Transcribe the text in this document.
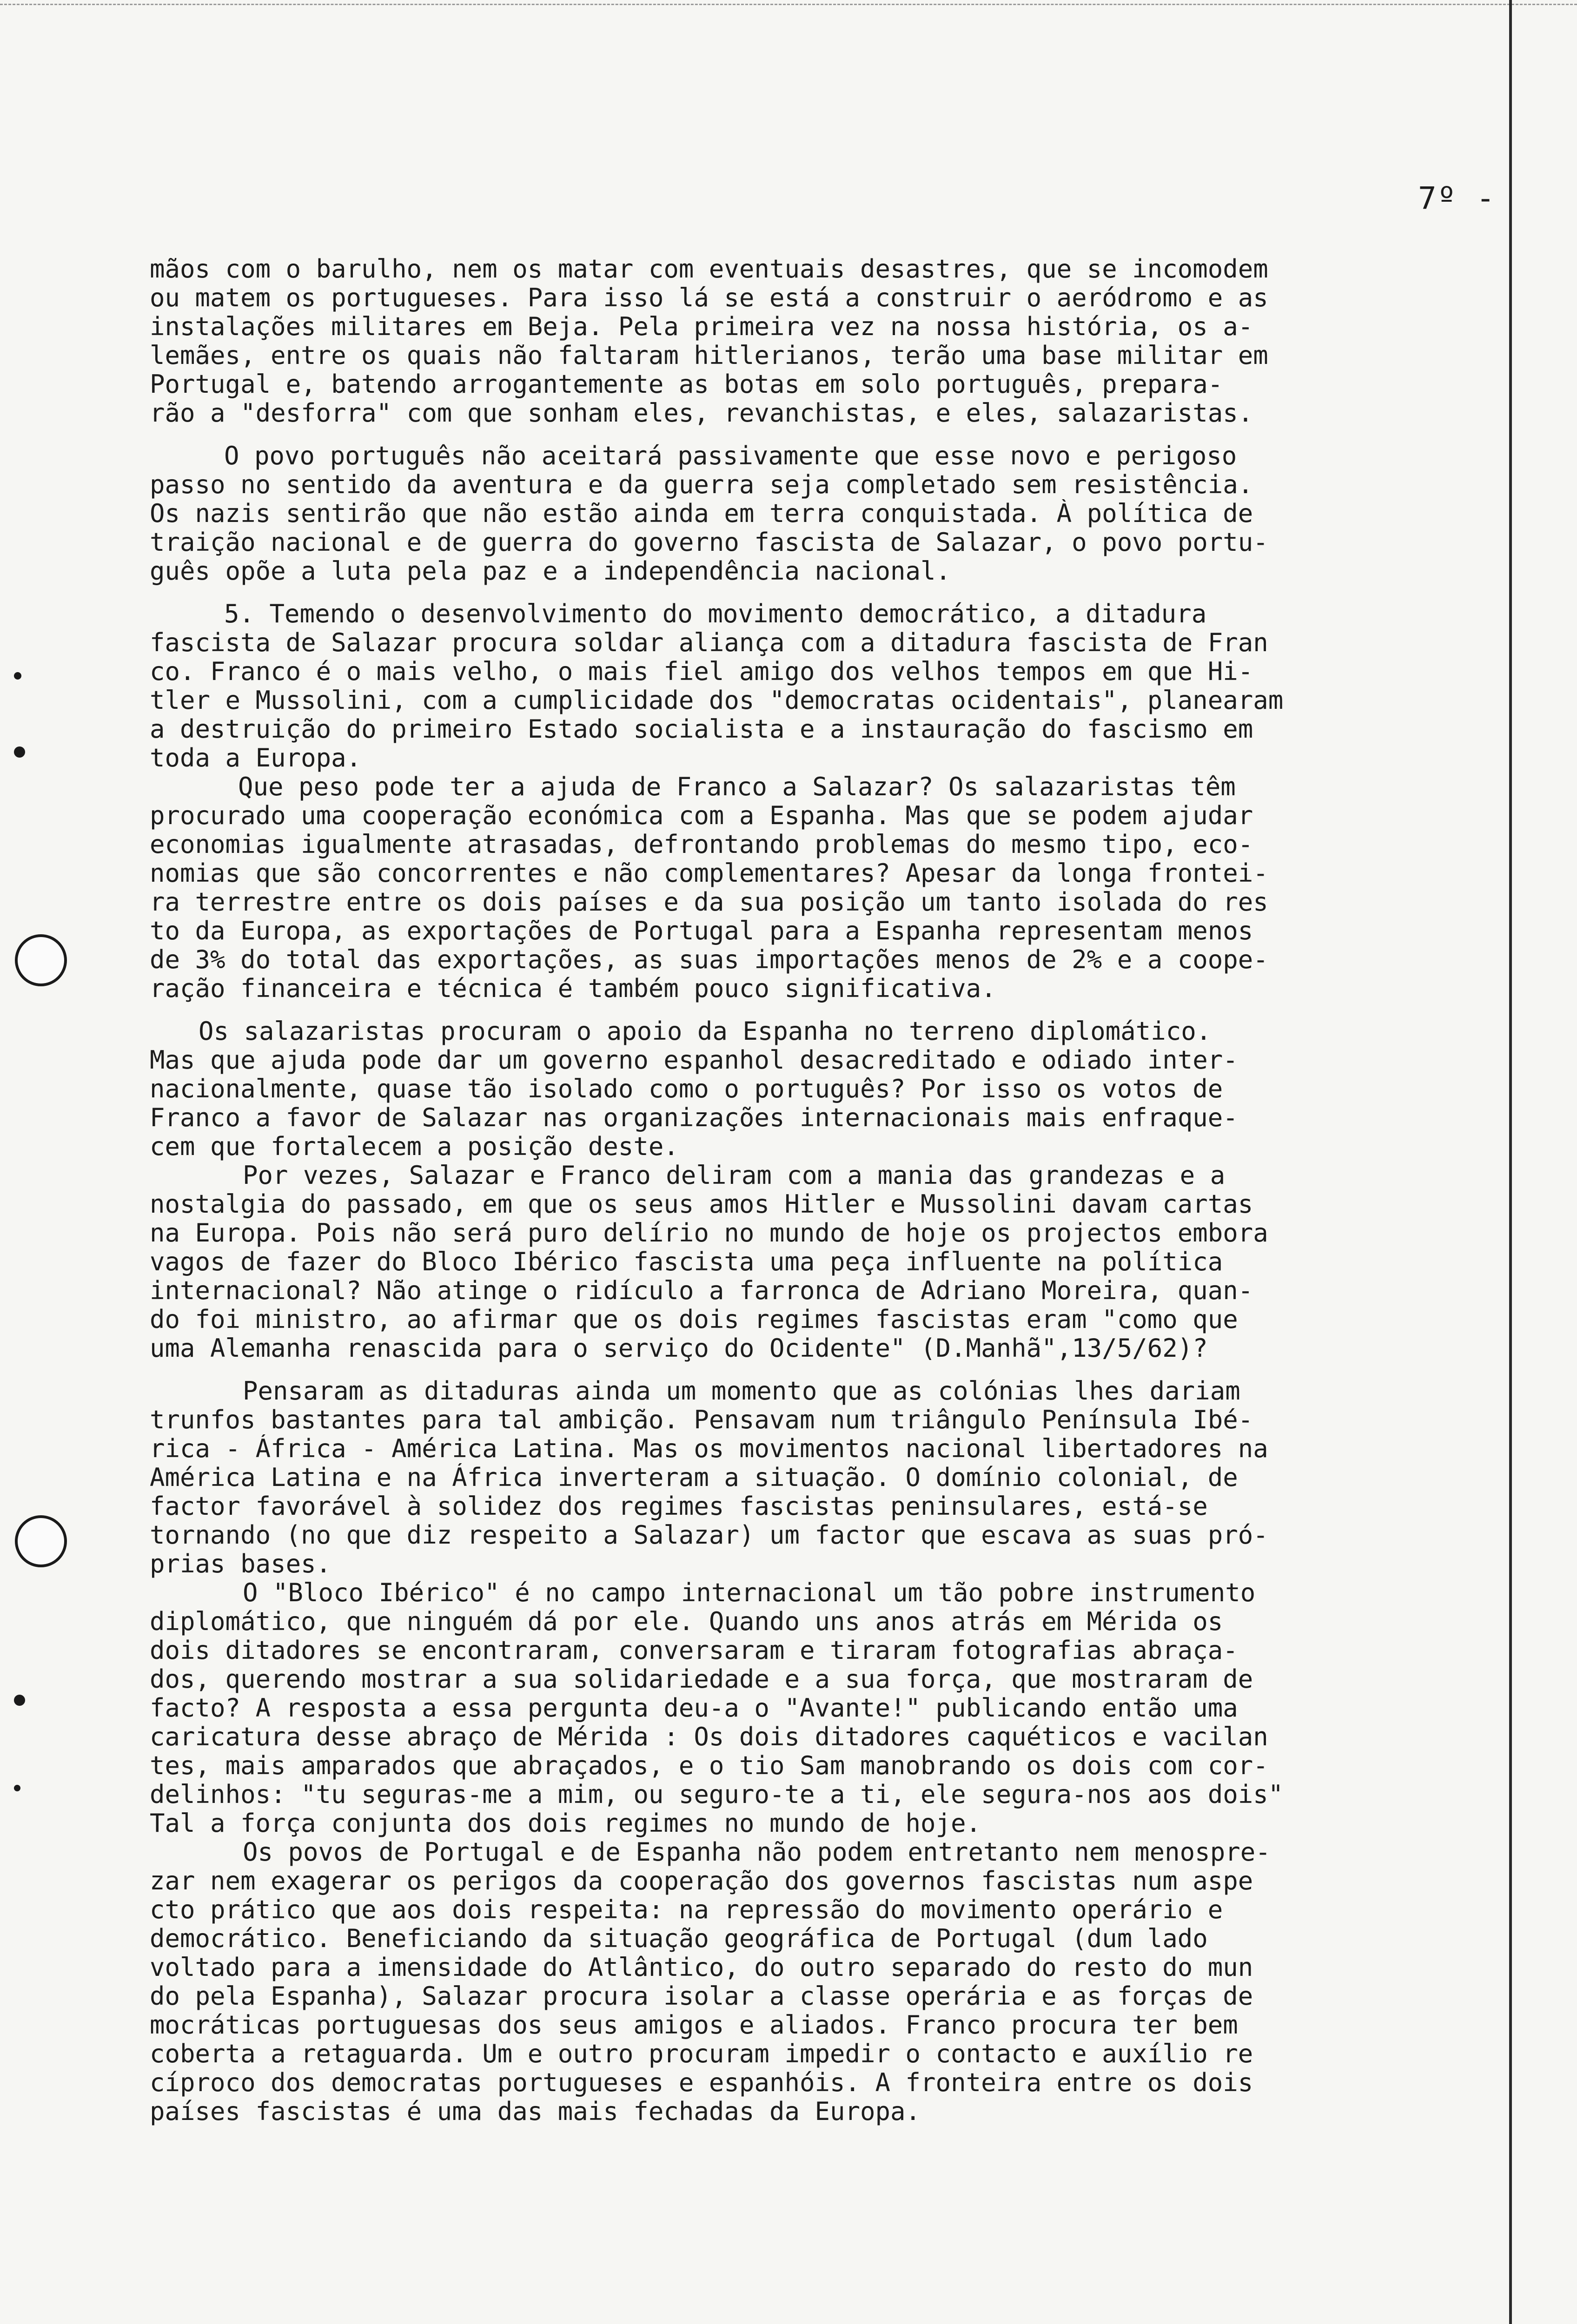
7º -
mãos com o barulho, nem os matar com eventuais desastres, que se incomodem
ou matem os portugueses. Para isso lá se está a construir o aeródromo e as
instalações militares em Beja. Pela primeira vez na nossa história, os a-
lemães, entre os quais não faltaram hitlerianos, terão uma base militar em
Portugal e, batendo arrogantemente as botas em solo português, prepara-
rão a "desforra" com que sonham eles, revanchistas, e eles, salazaristas.
O povo português não aceitará passivamente que esse novo e perigoso
passo no sentido da aventura e da guerra seja completado sem resistência.
Os nazis sentirão que não estão ainda em terra conquistada. À política de
traição nacional e de guerra do governo fascista de Salazar, o povo portu-
guês opõe a luta pela paz e a independência nacional.
5. Temendo o desenvolvimento do movimento democrático, a ditadura
fascista de Salazar procura soldar aliança com a ditadura fascista de Fran
co. Franco é o mais velho, o mais fiel amigo dos velhos tempos em que Hi-
tler e Mussolini, com a cumplicidade dos "democratas ocidentais", planearam
a destruição do primeiro Estado socialista e a instauração do fascismo em
toda a Europa.
Que peso pode ter a ajuda de Franco a Salazar? Os salazaristas têm
procurado uma cooperação económica com a Espanha. Mas que se podem ajudar
economias igualmente atrasadas, defrontando problemas do mesmo tipo, eco-
nomias que são concorrentes e não complementares? Apesar da longa frontei-
ra terrestre entre os dois países e da sua posição um tanto isolada do res
to da Europa, as exportações de Portugal para a Espanha representam menos
de 3% do total das exportações, as suas importações menos de 2% e a coope-
ração financeira e técnica é também pouco significativa.
Os salazaristas procuram o apoio da Espanha no terreno diplomático.
Mas que ajuda pode dar um governo espanhol desacreditado e odiado inter-
nacionalmente, quase tão isolado como o português? Por isso os votos de
Franco a favor de Salazar nas organizações internacionais mais enfraque-
cem que fortalecem a posição deste.
Por vezes, Salazar e Franco deliram com a mania das grandezas e a
nostalgia do passado, em que os seus amos Hitler e Mussolini davam cartas
na Europa. Pois não será puro delírio no mundo de hoje os projectos embora
vagos de fazer do Bloco Ibérico fascista uma peça influente na política
internacional? Não atinge o ridículo a farronca de Adriano Moreira, quan-
do foi ministro, ao afirmar que os dois regimes fascistas eram "como que
uma Alemanha renascida para o serviço do Ocidente" (D.Manhã",13/5/62)?
Pensaram as ditaduras ainda um momento que as colónias lhes dariam
trunfos bastantes para tal ambição. Pensavam num triângulo Península Ibé-
rica - África - América Latina. Mas os movimentos nacional libertadores na
América Latina e na África inverteram a situação. O domínio colonial, de
factor favorável à solidez dos regimes fascistas peninsulares, está-se
tornando (no que diz respeito a Salazar) um factor que escava as suas pró-
prias bases.
O "Bloco Ibérico" é no campo internacional um tão pobre instrumento
diplomático, que ninguém dá por ele. Quando uns anos atrás em Mérida os
dois ditadores se encontraram, conversaram e tiraram fotografias abraça-
dos, querendo mostrar a sua solidariedade e a sua força, que mostraram de
facto? A resposta a essa pergunta deu-a o "Avante!" publicando então uma
caricatura desse abraço de Mérida : Os dois ditadores caquéticos e vacilan
tes, mais amparados que abraçados, e o tio Sam manobrando os dois com cor-
delinhos: "tu seguras-me a mim, ou seguro-te a ti, ele segura-nos aos dois"
Tal a força conjunta dos dois regimes no mundo de hoje.
Os povos de Portugal e de Espanha não podem entretanto nem menospre-
zar nem exagerar os perigos da cooperação dos governos fascistas num aspe
cto prático que aos dois respeita: na repressão do movimento operário e
democrático. Beneficiando da situação geográfica de Portugal (dum lado
voltado para a imensidade do Atlântico, do outro separado do resto do mun
do pela Espanha), Salazar procura isolar a classe operária e as forças de
mocráticas portuguesas dos seus amigos e aliados. Franco procura ter bem
coberta a retaguarda. Um e outro procuram impedir o contacto e auxílio re
cíproco dos democratas portugueses e espanhóis. A fronteira entre os dois
países fascistas é uma das mais fechadas da Europa.
